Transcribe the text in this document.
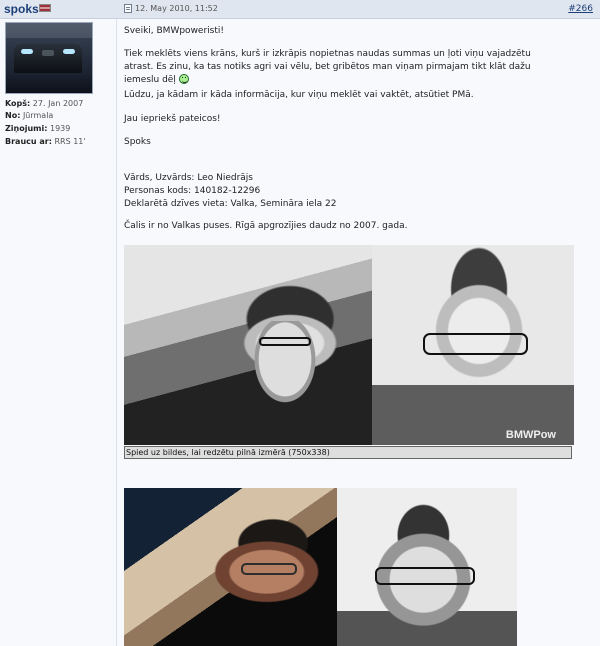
spoks	12. May 2010, 11:52	#266
Kopš: 27. Jan 2007
No: Jūrmala
Ziņojumi: 1939
Braucu ar: RRS 11'

Sveiki, BMWpoweristi!

Tiek meklēts viens krāns, kurš ir izkrāpis nopietnas naudas summas un ļoti viņu vajadzētu atrast. Es zinu, ka tas notiks agri vai vēlu, bet gribētos man viņam pirmajam tikt klāt dažu iemeslu dēļ

Lūdzu, ja kādam ir kāda informācija, kur viņu meklēt vai vaktēt, atsūtiet PMā.

Jau iepriekš pateicos!

Spoks

Vārds, Uzvārds: Leo Niedrājs

Personas kods: 140182-12296

Deklarētā dzīves vieta: Valka, Semināra iela 22

Čalis ir no Valkas puses. Rīgā apgrozījies daudz no 2007. gada.

BMWPow
Spied uz bildes, lai redzētu pilnā izmērā (750x338)
